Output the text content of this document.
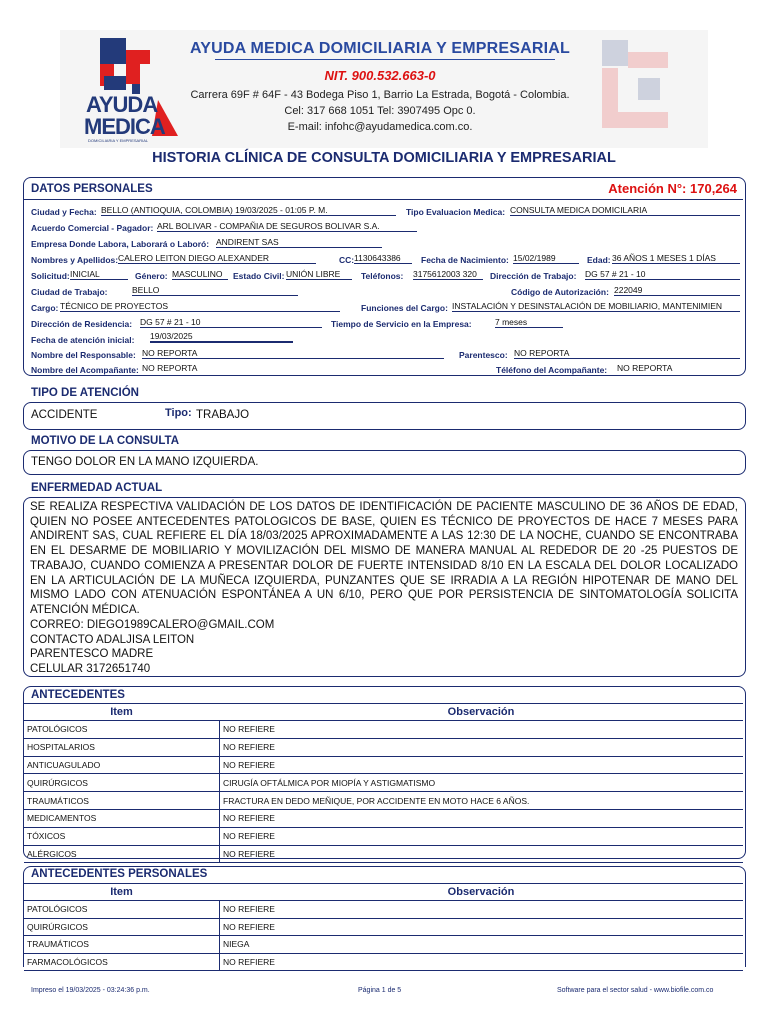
AYUDA
MEDICA
DOMICILIARIA Y EMPRESARIAL
AYUDA MEDICA DOMICILIARIA Y EMPRESARIAL
NIT. 900.532.663-0
Carrera 69F # 64F - 43 Bodega Piso 1, Barrio La Estrada, Bogotá - Colombia.
Cel: 317 668 1051 Tel: 3907495 Opc 0.
E-mail: infohc@ayudamedica.com.co.
HISTORIA CLÍNICA DE CONSULTA DOMICILIARIA Y EMPRESARIAL
DATOS PERSONALES	Atención N°: 170,264
Ciudad y Fecha: BELLO (ANTIOQUIA, COLOMBIA) 19/03/2025 - 01:05 P. M.	Tipo Evaluacion Medica: CONSULTA MEDICA DOMICILARIA
Acuerdo Comercial - Pagador: ARL BOLIVAR - COMPAÑIA DE SEGUROS BOLIVAR S.A.
Empresa Donde Labora, Laborará o Laboró: ANDIRENT SAS
Nombres y Apellidos: CALERO LEITON DIEGO ALEXANDER	CC: 1130643386	Fecha de Nacimiento: 15/02/1989	Edad: 36 AÑOS 1 MESES 1 DÍAS
Solicitud: INICIAL	Género: MASCULINO	Estado Civil: UNIÓN LIBRE	Teléfonos: 3175612003 320	Dirección de Trabajo: DG 57 # 21 - 10
Ciudad de Trabajo:	BELLO	Código de Autorización: 222049
Cargo: TÉCNICO DE PROYECTOS	Funciones del Cargo: INSTALACIÓN Y DESINSTALACIÓN DE MOBILIARIO, MANTENIMIEN
Dirección de Residencia: DG 57 # 21 - 10	Tiempo de Servicio en la Empresa:	7 meses
Fecha de atención inicial: 19/03/2025
Nombre del Responsable: NO REPORTA	Parentesco: NO REPORTA
Nombre del Acompañante: NO REPORTA	Téléfono del Acompañante: NO REPORTA
TIPO DE ATENCIÓN
ACCIDENTE	Tipo: TRABAJO
MOTIVO DE LA CONSULTA
TENGO DOLOR EN LA MANO IZQUIERDA.
ENFERMEDAD ACTUAL
SE REALIZA RESPECTIVA VALIDACIÓN DE LOS DATOS DE IDENTIFICACIÓN DE PACIENTE MASCULINO DE 36 AÑOS DE EDAD, QUIEN NO POSEE ANTECEDENTES PATOLOGICOS DE BASE, QUIEN ES TÉCNICO DE PROYECTOS DE HACE 7 MESES PARA ANDIRENT SAS, CUAL REFIERE EL DÍA 18/03/2025 APROXIMADAMENTE A LAS 12:30 DE LA NOCHE, CUANDO SE ENCONTRABA EN EL DESARME DE MOBILIARIO Y MOVILIZACIÓN DEL MISMO DE MANERA MANUAL AL REDEDOR DE 20 -25 PUESTOS DE TRABAJO, CUANDO COMIENZA A PRESENTAR DOLOR DE FUERTE INTENSIDAD 8/10 EN LA ESCALA DEL DOLOR LOCALIZADO EN LA ARTICULACIÓN DE LA MUÑECA IZQUIERDA, PUNZANTES QUE SE IRRADIA A LA REGIÓN HIPOTENAR DE MANO DEL MISMO LADO CON ATENUACIÓN ESPONTÁNEA A UN 6/10, PERO QUE POR PERSISTENCIA DE SINTOMATOLOGÍA SOLICITA ATENCIÓN MÉDICA.
CORREO: DIEGO1989CALERO@GMAIL.COM
CONTACTO ADALJISA LEITON
PARENTESCO MADRE
CELULAR 3172651740
ANTECEDENTES
Item	Observación
PATOLÓGICOS	NO REFIERE
HOSPITALARIOS	NO REFIERE
ANTICUAGULADO	NO REFIERE
QUIRÚRGICOS	CIRUGÍA OFTÁLMICA POR MIOPÍA Y ASTIGMATISMO
TRAUMÁTICOS	FRACTURA EN DEDO MEÑIQUE, POR ACCIDENTE EN MOTO HACE 6 AÑOS.
MEDICAMENTOS	NO REFIERE
TÓXICOS	NO REFIERE
ALÉRGICOS	NO REFIERE
ANTECEDENTES PERSONALES
Item	Observación
PATOLÓGICOS	NO REFIERE
QUIRÚRGICOS	NO REFIERE
TRAUMÁTICOS	NIEGA
FARMACOLÓGICOS	NO REFIERE
Impreso el 19/03/2025 - 03:24:36 p.m.	Página 1 de 5	Software para el sector salud - www.biofile.com.co
